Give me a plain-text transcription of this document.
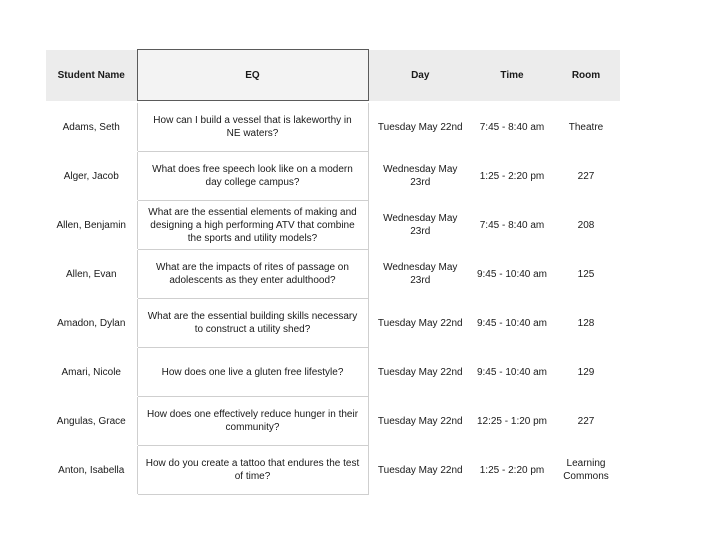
Student Name	EQ	Day	Time	Room

Adams, Seth	How can I build a vessel that is lakeworthy in NE waters?	Tuesday May 22nd	7:45 - 8:40 am	Theatre
Alger, Jacob	What does free speech look like on a modern day college campus?	Wednesday May 23rd	1:25 - 2:20 pm	227
Allen, Benjamin	What are the essential elements of making and designing a high performing ATV that combine the sports and utility models?	Wednesday May 23rd	7:45 - 8:40 am	208
Allen, Evan	What are the impacts of rites of passage on adolescents as they enter adulthood?	Wednesday May 23rd	9:45 - 10:40 am	125
Amadon, Dylan	What are the essential building skills necessary to construct a utility shed?	Tuesday May 22nd	9:45 - 10:40 am	128
Amari, Nicole	How does one live a gluten free lifestyle?	Tuesday May 22nd	9:45 - 10:40 am	129
Angulas, Grace	How does one effectively reduce hunger in their community?	Tuesday May 22nd	12:25 - 1:20 pm	227
Anton, Isabella	How do you create a tattoo that endures the test of time?	Tuesday May 22nd	1:25 - 2:20 pm	Learning Commons
